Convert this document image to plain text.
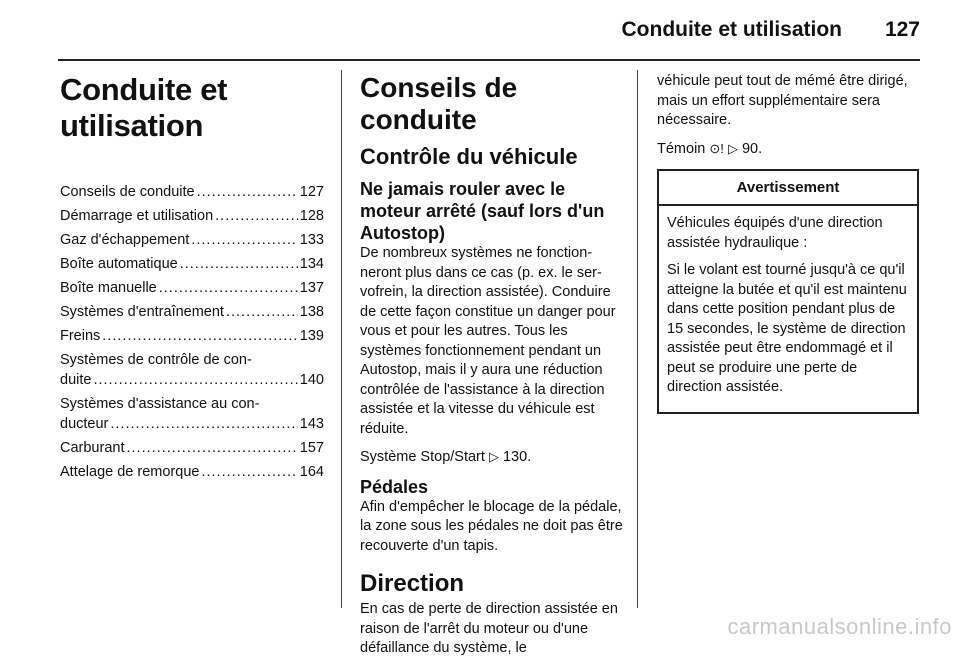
Conduite et utilisation 127
Conduite et utilisation
Conseils de conduite .....	127
Démarrage et utilisation .....	128
Gaz d'échappement .....	133
Boîte automatique .....	134
Boîte manuelle .....	137
Systèmes d'entraînement .....	138
Freins .....	139
Systèmes de contrôle de con-
duite .....	140
Systèmes d'assistance au con-
ducteur .....	143
Carburant .....	157
Attelage de remorque .....	164
Conseils de conduite
Contrôle du véhicule
Ne jamais rouler avec le moteur arrêté (sauf lors d'un Autostop)

De nombreux systèmes ne fonctionneront plus dans ce cas (p. ex. le servofrein, la direction assistée). Conduire de cette façon constitue un danger pour vous et pour les autres. Tous les systèmes fonctionnement pendant un Autostop, mais il y aura une réduction contrôlée de l'assistance à la direction assistée et la vitesse du véhicule est réduite.

Système Stop/Start ▷ 130.

Pédales

Afin d'empêcher le blocage de la pédale, la zone sous les pédales ne doit pas être recouverte d'un tapis.

Direction

En cas de perte de direction assistée en raison de l'arrêt du moteur ou d'une défaillance du système, le

véhicule peut tout de mémé être dirigé, mais un effort supplémentaire sera nécessaire.

Témoin ⊙! ▷ 90.

Avertissement

Véhicules équipés d'une direction assistée hydraulique :

Si le volant est tourné jusqu'à ce qu'il atteigne la butée et qu'il est maintenu dans cette position pendant plus de 15 secondes, le système de direction assistée peut être endommagé et il peut se produire une perte de direction assistée.

carmanualsonline.info
